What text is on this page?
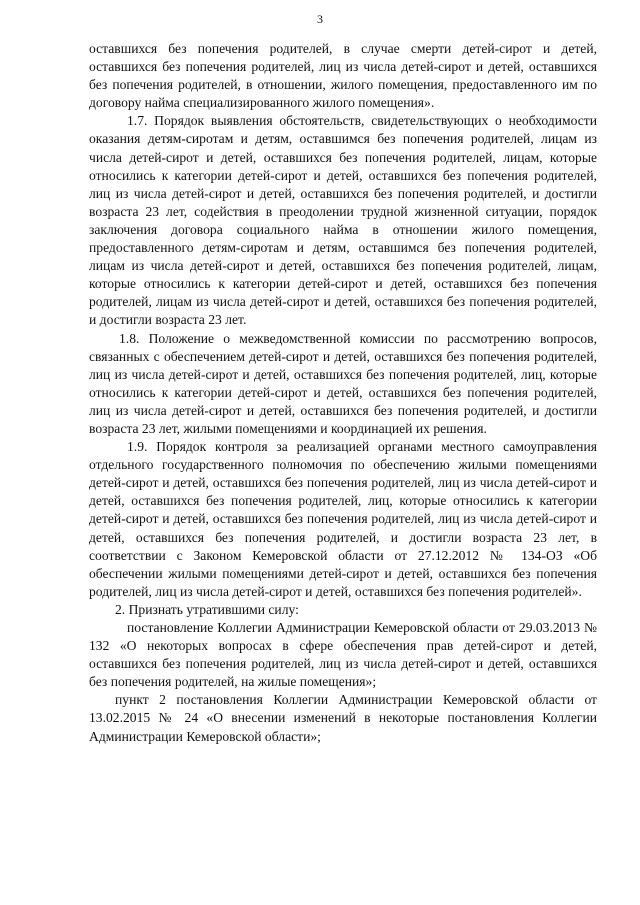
3

оставшихся без попечения родителей, в случае смерти детей-сирот и детей, оставшихся без попечения родителей, лиц из числа детей-сирот и детей, оставшихся без попечения родителей, в отношении, жилого помещения, предоставленного им по договору найма специализированного жилого помещения».

1.7. Порядок выявления обстоятельств, свидетельствующих о необходимости оказания детям-сиротам и детям, оставшимся без попечения родителей, лицам из числа детей-сирот и детей, оставшихся без попечения родителей, лицам, которые относились к категории детей-сирот и детей, оставшихся без попечения родителей, лиц из числа детей-сирот и детей, оставшихся без попечения родителей, и достигли возраста 23 лет, содействия в преодолении трудной жизненной ситуации, порядок заключения договора социального найма в отношении жилого помещения, предоставленного детям-сиротам и детям, оставшимся без попечения родителей, лицам из числа детей-сирот и детей, оставшихся без попечения родителей, лицам, которые относились к категории детей-сирот и детей, оставшихся без попечения родителей, лицам из числа детей-сирот и детей, оставшихся без попечения родителей, и достигли возраста 23 лет.

1.8. Положение о межведомственной комиссии по рассмотрению вопросов, связанных с обеспечением детей-сирот и детей, оставшихся без попечения родителей, лиц из числа детей-сирот и детей, оставшихся без попечения родителей, лиц, которые относились к категории детей-сирот и детей, оставшихся без попечения родителей, лиц из числа детей-сирот и детей, оставшихся без попечения родителей, и достигли возраста 23 лет, жилыми помещениями и координацией их решения.

1.9. Порядок контроля за реализацией органами местного самоуправления отдельного государственного полномочия по обеспечению жилыми помещениями детей-сирот и детей, оставшихся без попечения родителей, лиц из числа детей-сирот и детей, оставшихся без попечения родителей, лиц, которые относились к категории детей-сирот и детей, оставшихся без попечения родителей, лиц из числа детей-сирот и детей, оставшихся без попечения родителей, и достигли возраста 23 лет, в соответствии с Законом Кемеровской области от 27.12.2012 № 134-ОЗ «Об обеспечении жилыми помещениями детей-сирот и детей, оставшихся без попечения родителей, лиц из числа детей-сирот и детей, оставшихся без попечения родителей».

2. Признать утратившими силу:

постановление Коллегии Администрации Кемеровской области от 29.03.2013 № 132 «О некоторых вопросах в сфере обеспечения прав детей-сирот и детей, оставшихся без попечения родителей, лиц из числа детей-сирот и детей, оставшихся без попечения родителей, на жилые помещения»;

пункт 2 постановления Коллегии Администрации Кемеровской области от 13.02.2015 № 24 «О внесении изменений в некоторые постановления Коллегии Администрации Кемеровской области»;
